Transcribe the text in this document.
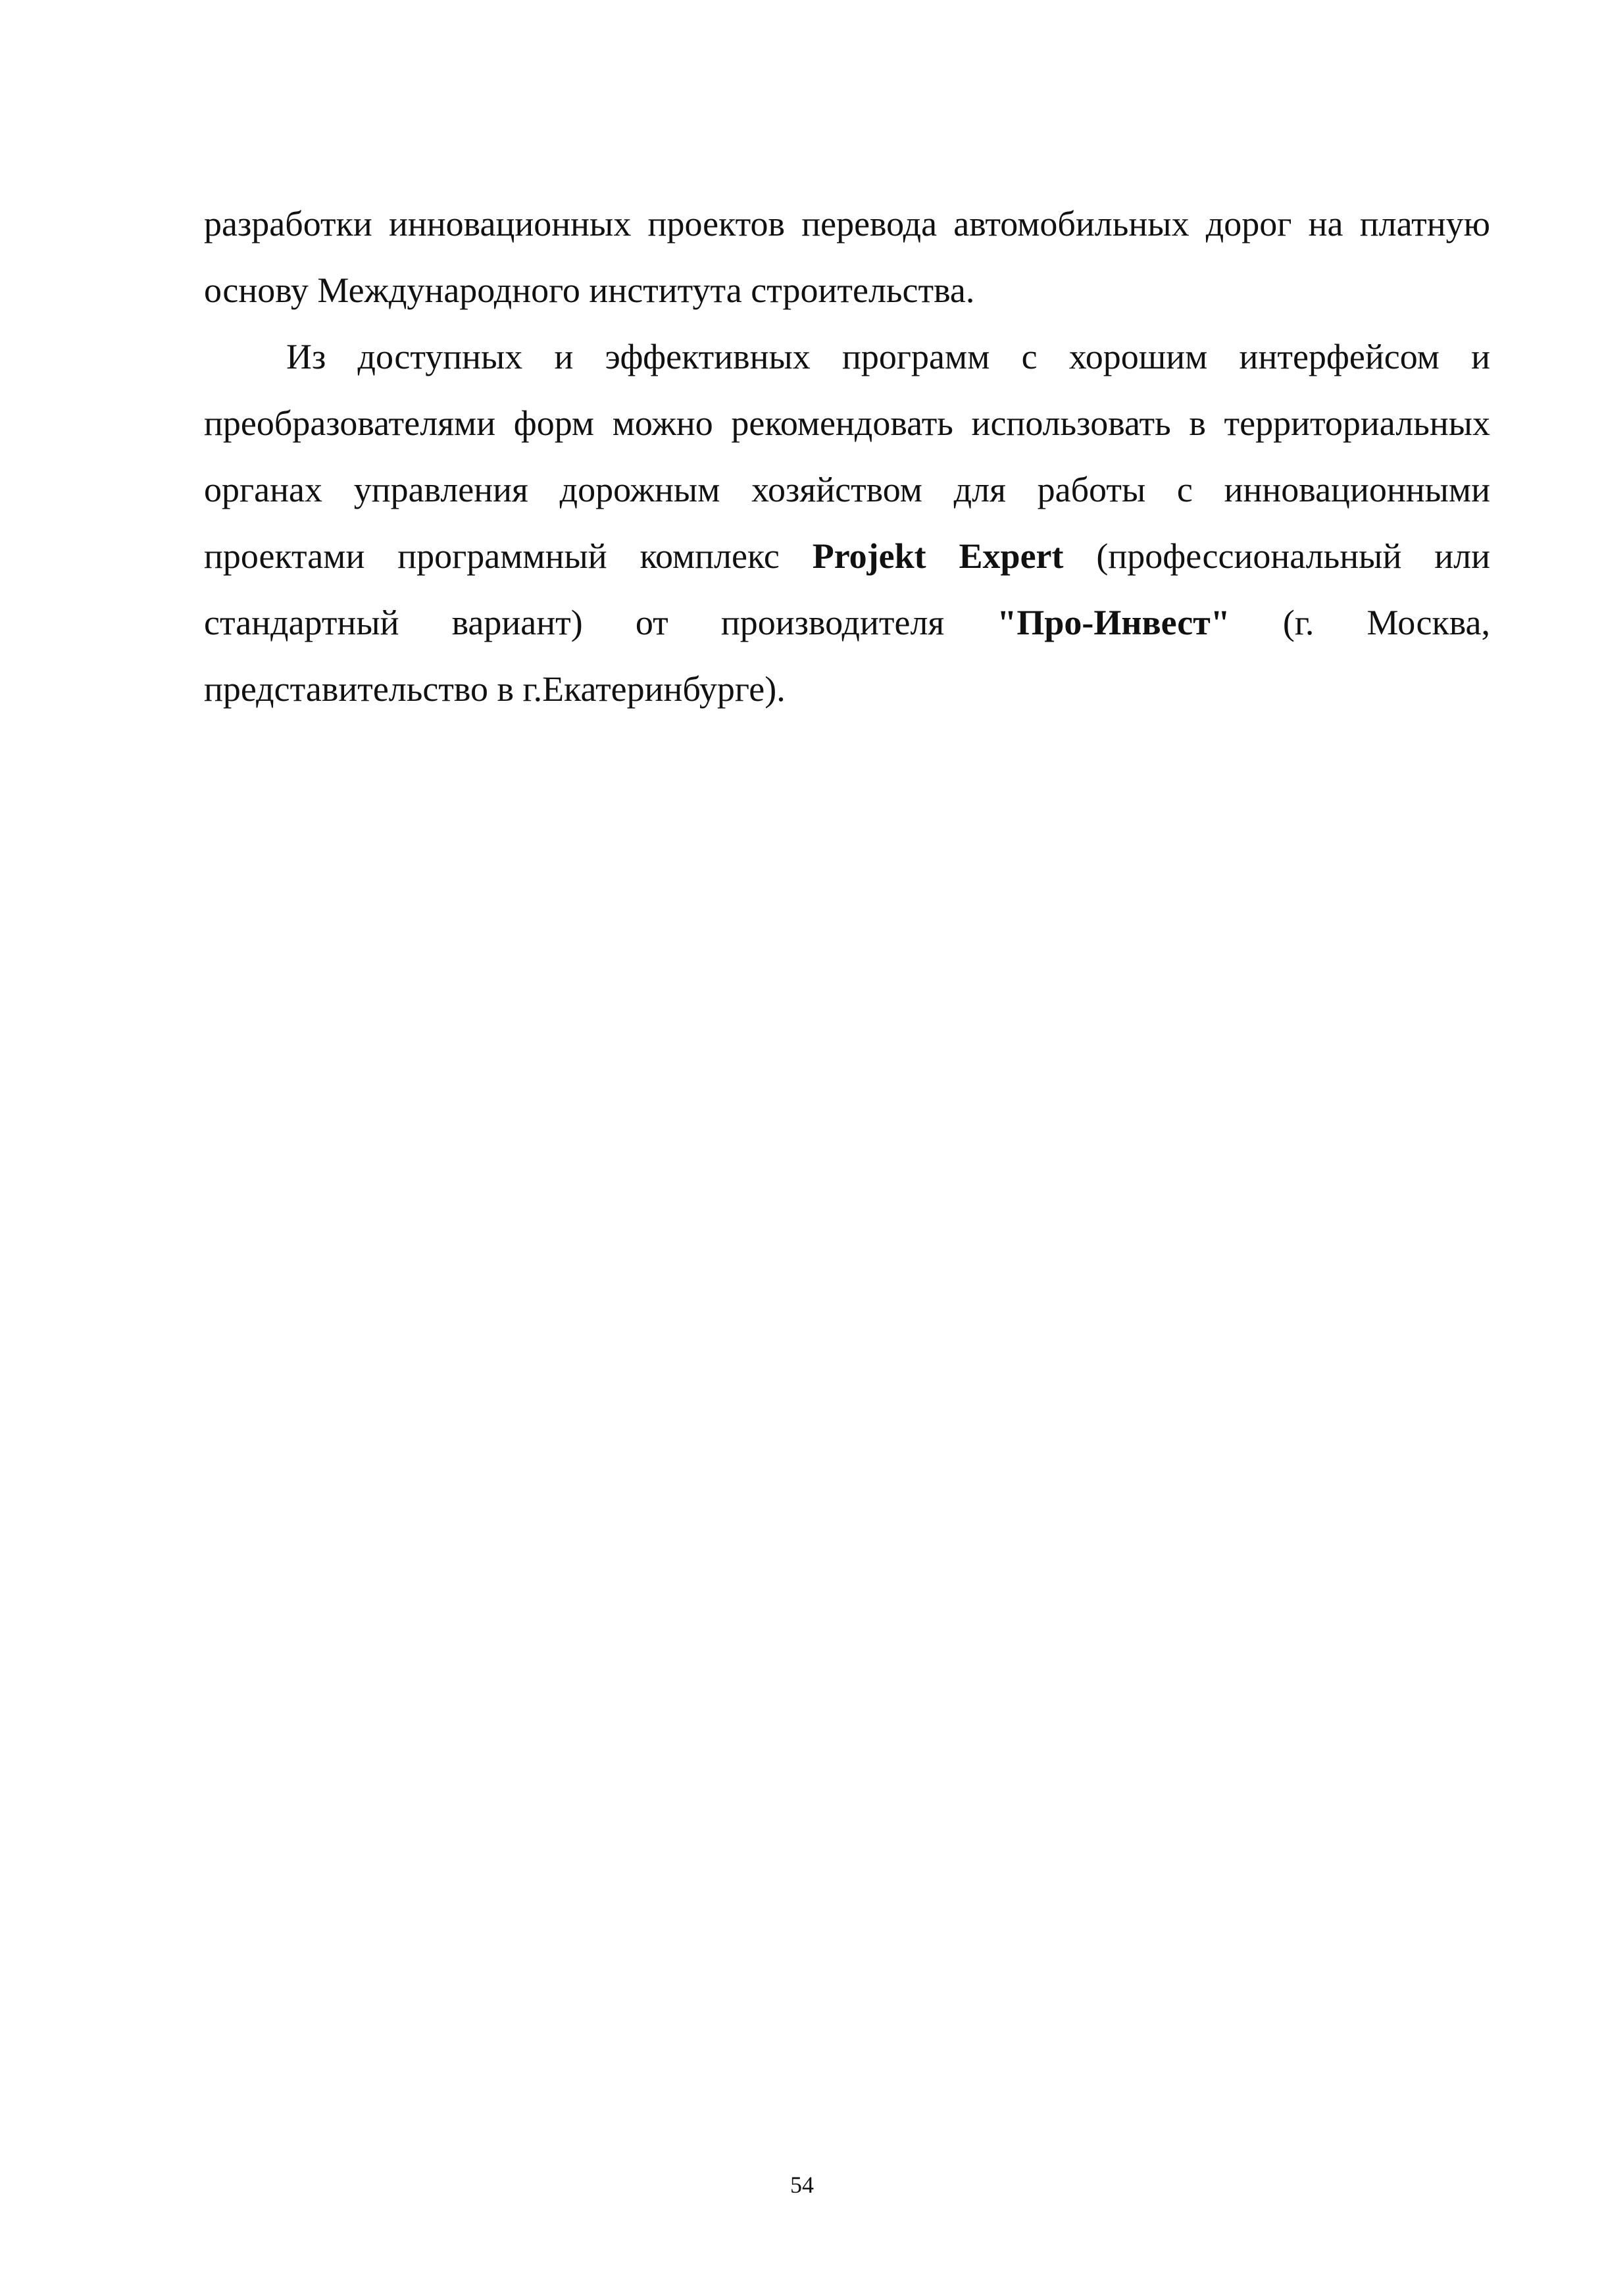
разработки инновационных проектов перевода автомобильных дорог на платную основу Международного института строительства.

Из доступных и эффективных программ с хорошим интерфейсом и преобразователями форм можно рекомендовать использовать в территориальных органах управления дорожным хозяйством для работы с инновационными проектами программный комплекс Projekt Expert (профессиональный или стандартный вариант) от производителя "Про-Инвест" (г. Москва, представительство в г.Екатеринбурге).

54
